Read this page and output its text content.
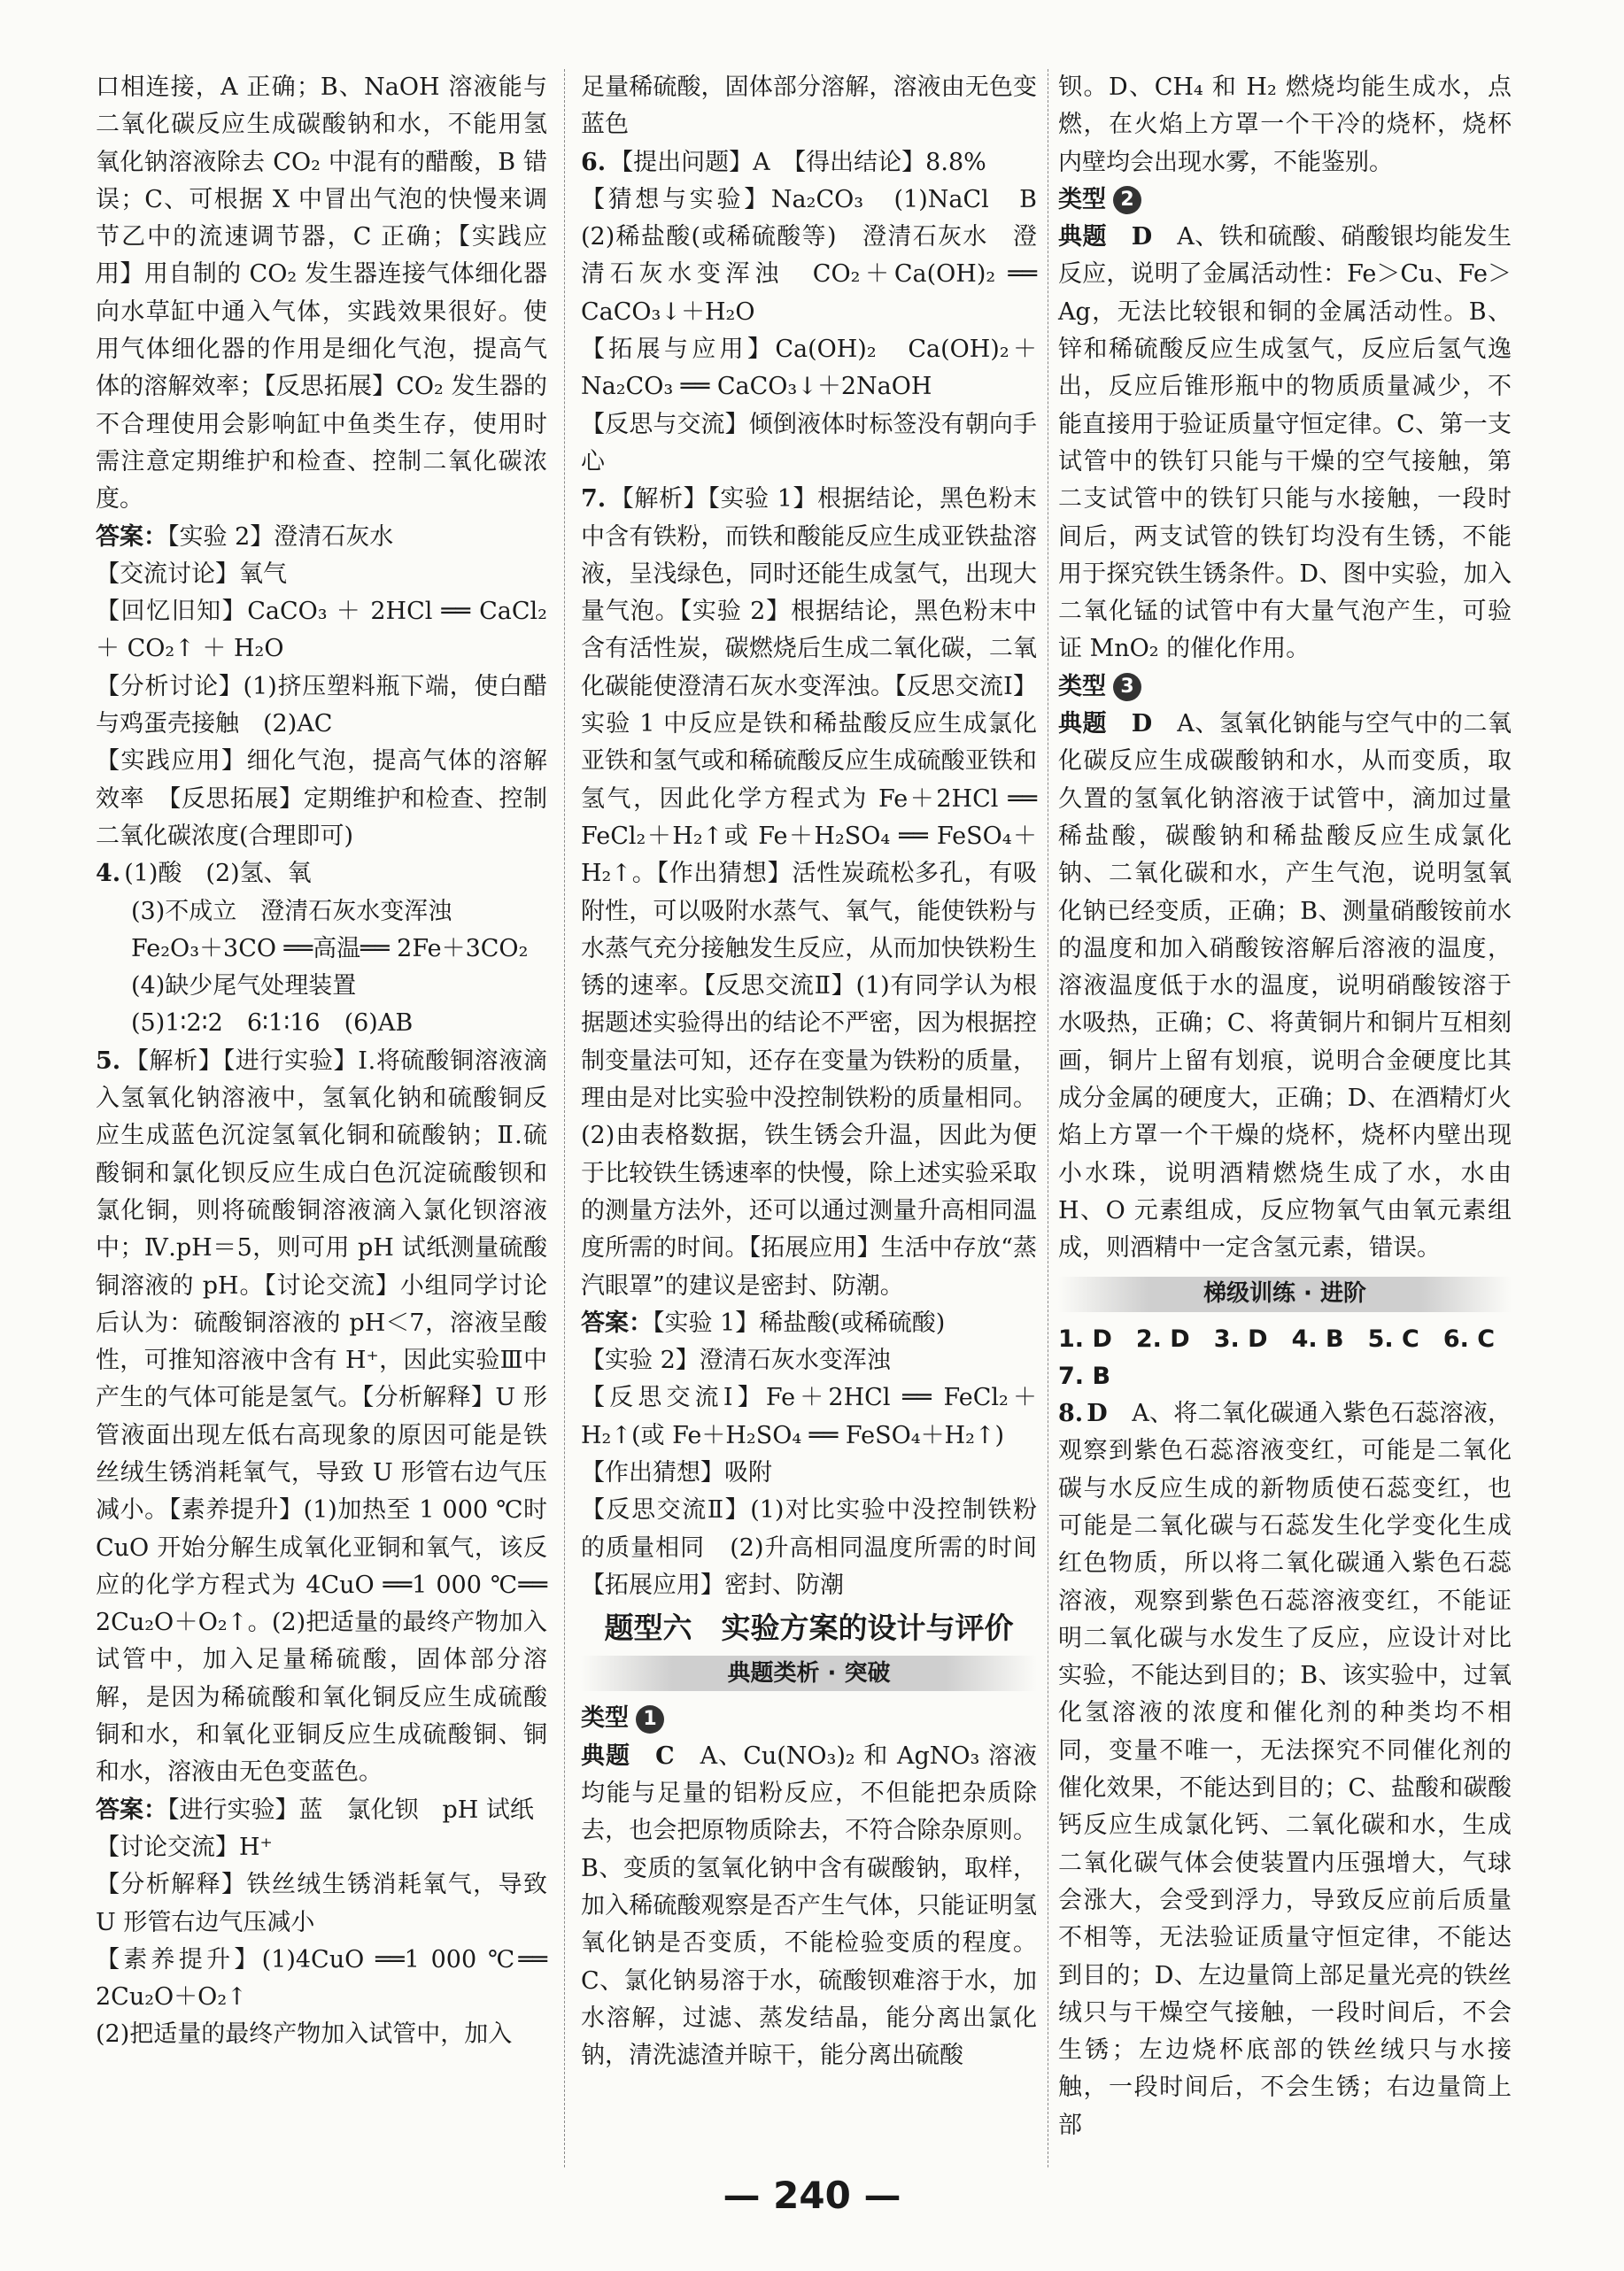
口相连接，A 正确；B、NaOH 溶液能与二氧化碳反应生成碳酸钠和水，不能用氢氧化钠溶液除去 CO₂ 中混有的醋酸，B 错误；C、可根据 X 中冒出气泡的快慢来调节乙中的流速调节器，C 正确；【实践应用】用自制的 CO₂ 发生器连接气体细化器向水草缸中通入气体，实践效果很好。使用气体细化器的作用是细化气泡，提高气体的溶解效率；【反思拓展】CO₂ 发生器的不合理使用会影响缸中鱼类生存，使用时需注意定期维护和检查、控制二氧化碳浓度。

答案：【实验 2】澄清石灰水

【交流讨论】氧气

【回忆旧知】CaCO₃ ＋ 2HCl ══ CaCl₂ ＋ CO₂↑ ＋ H₂O

【分析讨论】(1)挤压塑料瓶下端，使白醋与鸡蛋壳接触　(2)AC

【实践应用】细化气泡，提高气体的溶解效率　【反思拓展】定期维护和检查、控制二氧化碳浓度(合理即可)

4. (1)酸　(2)氢、氧

(3)不成立　澄清石灰水变浑浊

Fe₂O₃＋3CO ══高温══ 2Fe＋3CO₂

(4)缺少尾气处理装置

(5)1∶2∶2　6∶1∶16　(6)AB

5. 【解析】【进行实验】Ⅰ.将硫酸铜溶液滴入氢氧化钠溶液中，氢氧化钠和硫酸铜反应生成蓝色沉淀氢氧化铜和硫酸钠；Ⅱ.硫酸铜和氯化钡反应生成白色沉淀硫酸钡和氯化铜，则将硫酸铜溶液滴入氯化钡溶液中；Ⅳ.pH＝5，则可用 pH 试纸测量硫酸铜溶液的 pH。【讨论交流】小组同学讨论后认为：硫酸铜溶液的 pH＜7，溶液呈酸性，可推知溶液中含有 H⁺，因此实验Ⅲ中产生的气体可能是氢气。【分析解释】U 形管液面出现左低右高现象的原因可能是铁丝绒生锈消耗氧气，导致 U 形管右边气压减小。【素养提升】(1)加热至 1 000 ℃时 CuO 开始分解生成氧化亚铜和氧气，该反应的化学方程式为 4CuO ══1 000 ℃══ 2Cu₂O＋O₂↑。(2)把适量的最终产物加入试管中，加入足量稀硫酸，固体部分溶解，是因为稀硫酸和氧化铜反应生成硫酸铜和水，和氧化亚铜反应生成硫酸铜、铜和水，溶液由无色变蓝色。

答案：【进行实验】蓝　氯化钡　pH 试纸

【讨论交流】H⁺

【分析解释】铁丝绒生锈消耗氧气，导致 U 形管右边气压减小

【素养提升】(1)4CuO ══1 000 ℃══ 2Cu₂O＋O₂↑

(2)把适量的最终产物加入试管中，加入

足量稀硫酸，固体部分溶解，溶液由无色变蓝色

6. 【提出问题】A　【得出结论】8.8%

【猜想与实验】Na₂CO₃　(1)NaCl　B　(2)稀盐酸(或稀硫酸等)　澄清石灰水　澄清石灰水变浑浊　CO₂＋Ca(OH)₂ ══ CaCO₃↓＋H₂O

【拓展与应用】Ca(OH)₂　Ca(OH)₂＋Na₂CO₃ ══ CaCO₃↓＋2NaOH

【反思与交流】倾倒液体时标签没有朝向手心

7. 【解析】【实验 1】根据结论，黑色粉末中含有铁粉，而铁和酸能反应生成亚铁盐溶液，呈浅绿色，同时还能生成氢气，出现大量气泡。【实验 2】根据结论，黑色粉末中含有活性炭，碳燃烧后生成二氧化碳，二氧化碳能使澄清石灰水变浑浊。【反思交流Ⅰ】实验 1 中反应是铁和稀盐酸反应生成氯化亚铁和氢气或和稀硫酸反应生成硫酸亚铁和氢气，因此化学方程式为 Fe＋2HCl ══ FeCl₂＋H₂↑或 Fe＋H₂SO₄ ══ FeSO₄＋H₂↑。【作出猜想】活性炭疏松多孔，有吸附性，可以吸附水蒸气、氧气，能使铁粉与水蒸气充分接触发生反应，从而加快铁粉生锈的速率。【反思交流Ⅱ】(1)有同学认为根据题述实验得出的结论不严密，因为根据控制变量法可知，还存在变量为铁粉的质量，理由是对比实验中没控制铁粉的质量相同。(2)由表格数据，铁生锈会升温，因此为便于比较铁生锈速率的快慢，除上述实验采取的测量方法外，还可以通过测量升高相同温度所需的时间。【拓展应用】生活中存放“蒸汽眼罩”的建议是密封、防潮。

答案：【实验 1】稀盐酸(或稀硫酸)

【实验 2】澄清石灰水变浑浊

【反思交流Ⅰ】Fe＋2HCl ══ FeCl₂＋H₂↑(或 Fe＋H₂SO₄ ══ FeSO₄＋H₂↑)

【作出猜想】吸附

【反思交流Ⅱ】(1)对比实验中没控制铁粉的质量相同　(2)升高相同温度所需的时间　【拓展应用】密封、防潮

题型六　实验方案的设计与评价
典题类析 · 突破
类型 1

典题　 C　 A、Cu(NO₃)₂ 和 AgNO₃ 溶液均能与足量的铝粉反应，不但能把杂质除去，也会把原物质除去，不符合除杂原则。B、变质的氢氧化钠中含有碳酸钠，取样，加入稀硫酸观察是否产生气体，只能证明氢氧化钠是否变质，不能检验变质的程度。C、氯化钠易溶于水，硫酸钡难溶于水，加水溶解，过滤、蒸发结晶，能分离出氯化钠，清洗滤渣并晾干，能分离出硫酸

钡。D、CH₄ 和 H₂ 燃烧均能生成水，点燃，在火焰上方罩一个干冷的烧杯，烧杯内壁均会出现水雾，不能鉴别。

类型 2

典题　 D　 A、铁和硫酸、硝酸银均能发生反应，说明了金属活动性：Fe＞Cu、Fe＞Ag，无法比较银和铜的金属活动性。B、锌和稀硫酸反应生成氢气，反应后氢气逸出，反应后锥形瓶中的物质质量减少，不能直接用于验证质量守恒定律。C、第一支试管中的铁钉只能与干燥的空气接触，第二支试管中的铁钉只能与水接触，一段时间后，两支试管的铁钉均没有生锈，不能用于探究铁生锈条件。D、图中实验，加入二氧化锰的试管中有大量气泡产生，可验证 MnO₂ 的催化作用。

类型 3

典题　 D　 A、氢氧化钠能与空气中的二氧化碳反应生成碳酸钠和水，从而变质，取久置的氢氧化钠溶液于试管中，滴加过量稀盐酸，碳酸钠和稀盐酸反应生成氯化钠、二氧化碳和水，产生气泡，说明氢氧化钠已经变质，正确；B、测量硝酸铵前水的温度和加入硝酸铵溶解后溶液的温度，溶液温度低于水的温度，说明硝酸铵溶于水吸热，正确；C、将黄铜片和铜片互相刻画，铜片上留有划痕，说明合金硬度比其成分金属的硬度大，正确；D、在酒精灯火焰上方罩一个干燥的烧杯，烧杯内壁出现小水珠，说明酒精燃烧生成了水，水由 H、O 元素组成，反应物氧气由氧元素组成，则酒精中一定含氢元素，错误。

梯级训练 · 进阶

1. D　2. D　3. D　4. B　5. C　6. C

7. B

8. D　 A、将二氧化碳通入紫色石蕊溶液，观察到紫色石蕊溶液变红，可能是二氧化碳与水反应生成的新物质使石蕊变红，也可能是二氧化碳与石蕊发生化学变化生成红色物质，所以将二氧化碳通入紫色石蕊溶液，观察到紫色石蕊溶液变红，不能证明二氧化碳与水发生了反应，应设计对比实验，不能达到目的；B、该实验中，过氧化氢溶液的浓度和催化剂的种类均不相同，变量不唯一，无法探究不同催化剂的催化效果，不能达到目的；C、盐酸和碳酸钙反应生成氯化钙、二氧化碳和水，生成二氧化碳气体会使装置内压强增大，气球会涨大，会受到浮力，导致反应前后质量不相等，无法验证质量守恒定律，不能达到目的；D、左边量筒上部足量光亮的铁丝绒只与干燥空气接触，一段时间后，不会生锈；左边烧杯底部的铁丝绒只与水接触，一段时间后，不会生锈；右边量筒上部

— 240 —
